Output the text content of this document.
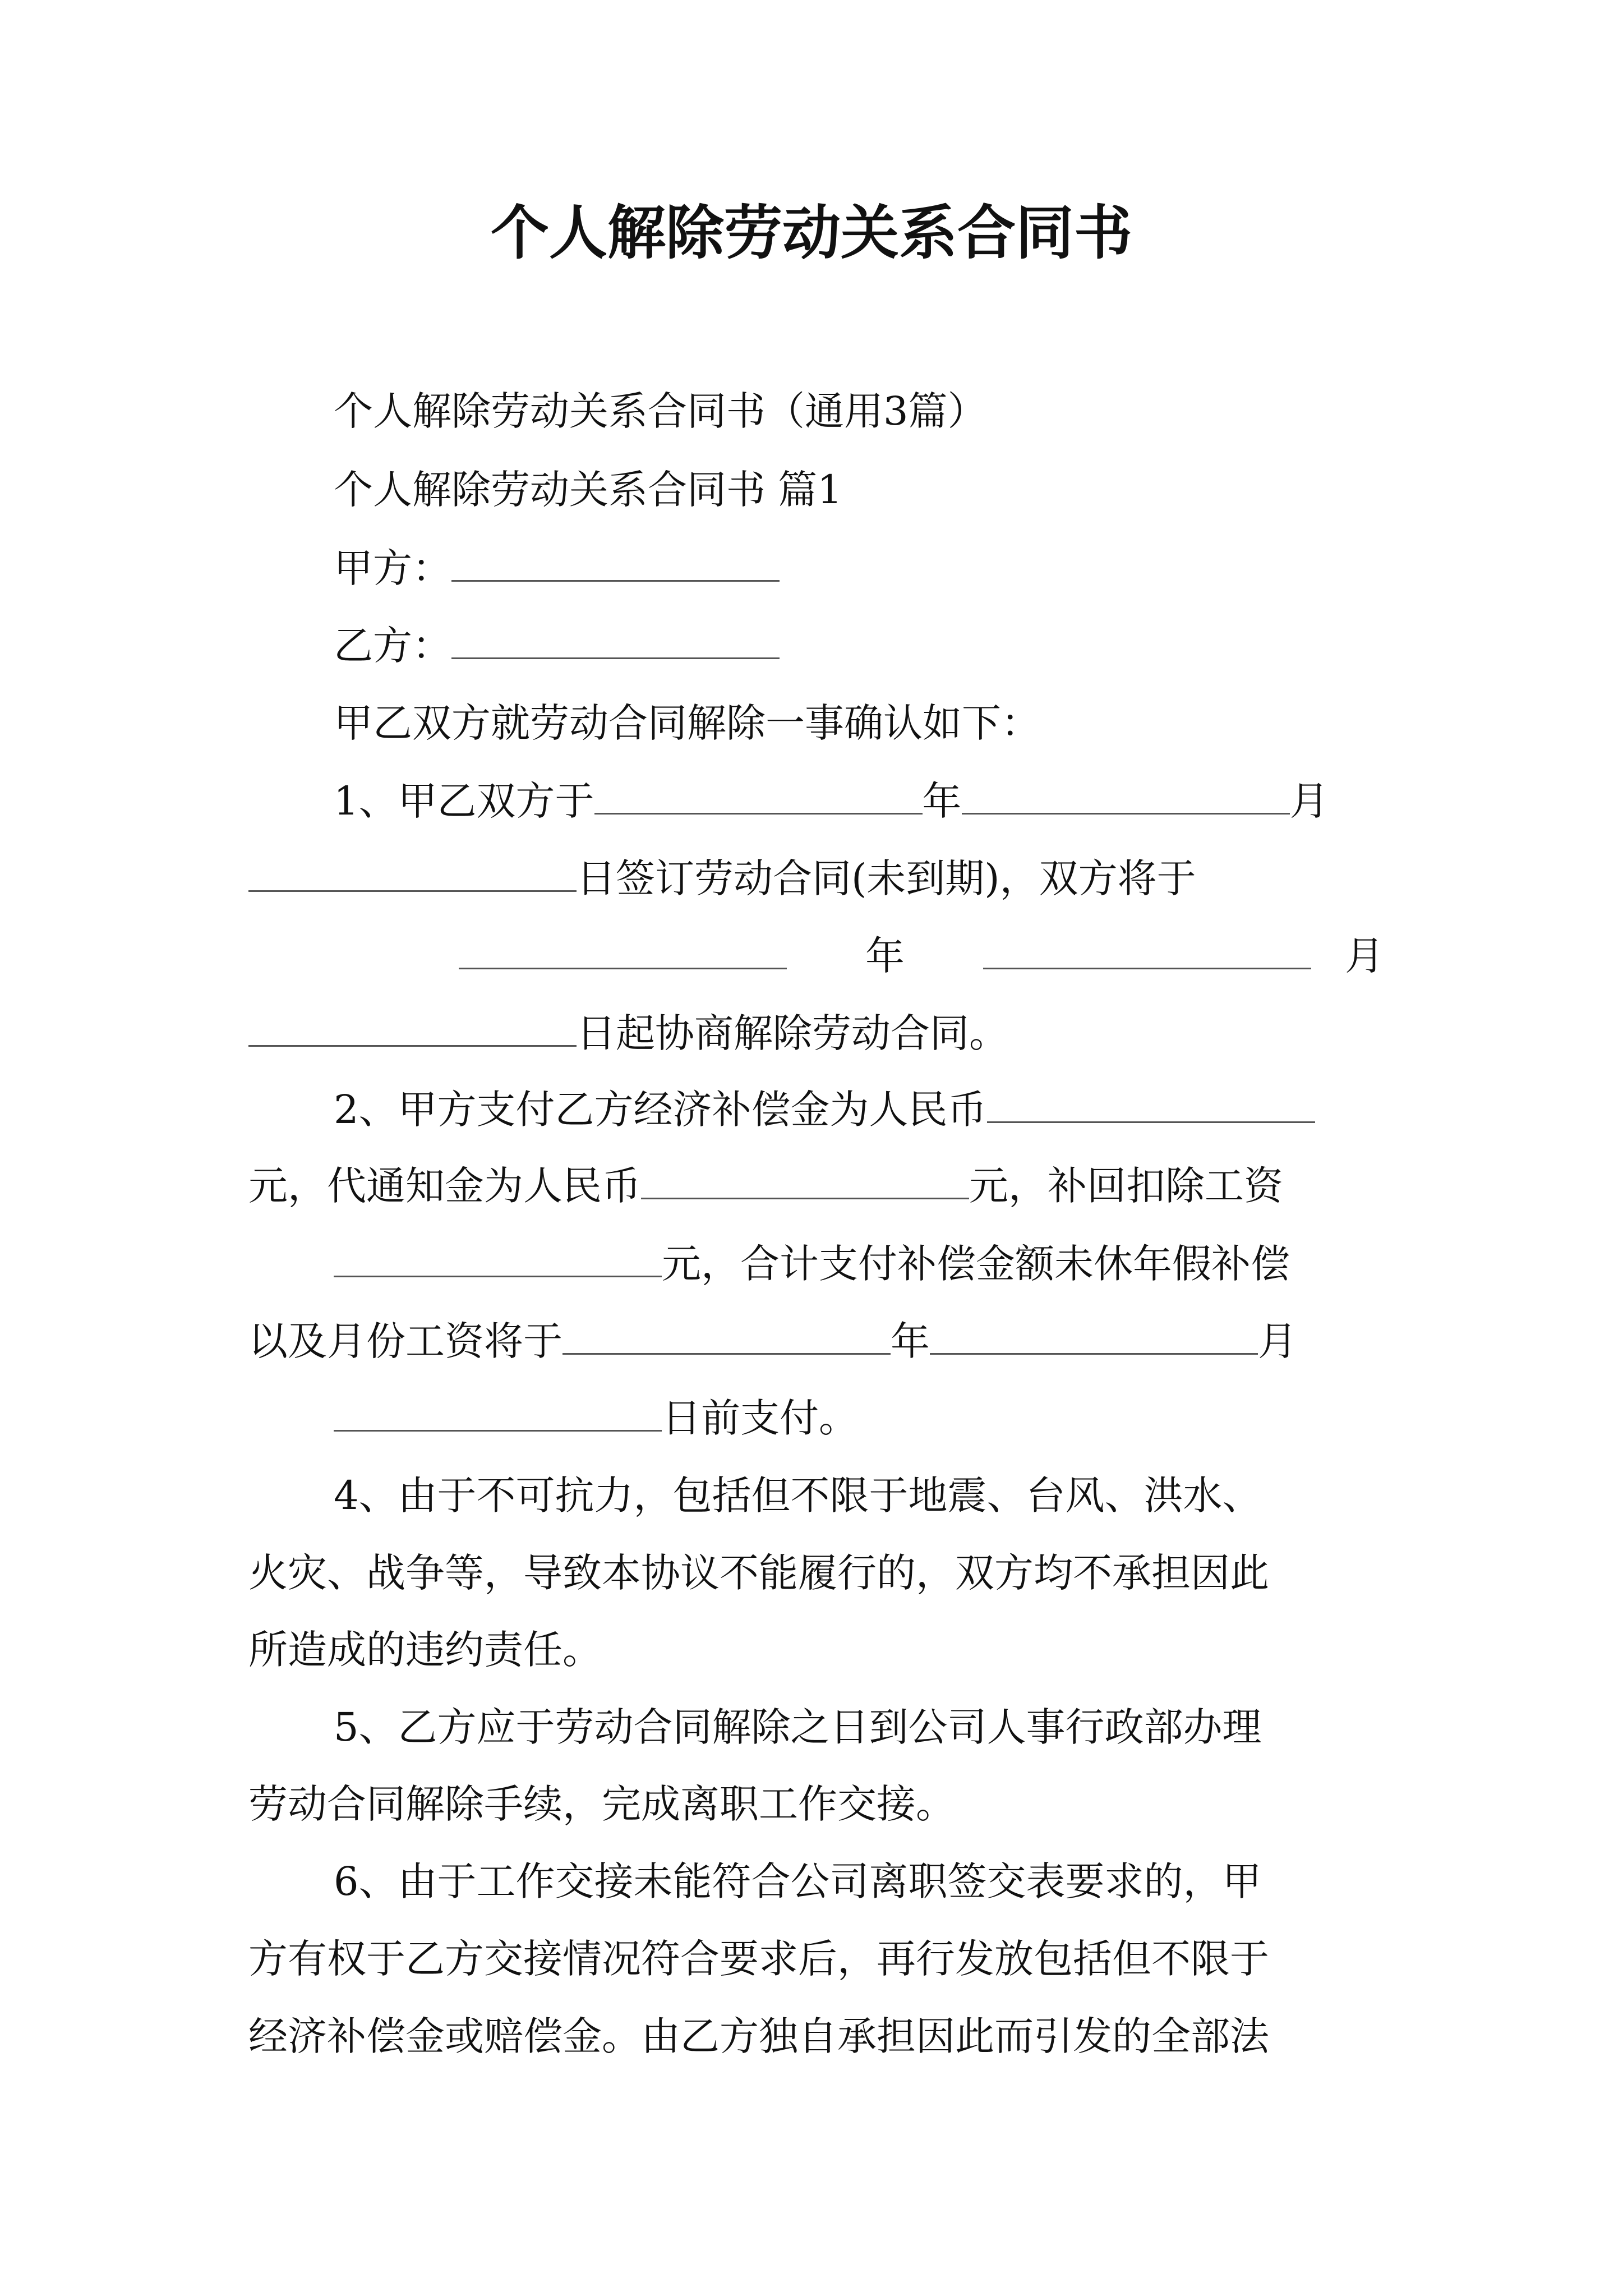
个人解除劳动关系合同书
个人解除劳动关系合同书（通用3篇）
个人解除劳动关系合同书 篇1
甲方：
乙方：
甲乙双方就劳动合同解除一事确认如下：
1、甲乙双方于	年	月
日签订劳动合同(未到期)，双方将于
年	月
日起协商解除劳动合同。
2、甲方支付乙方经济补偿金为人民币
元，代通知金为人民币	元，补回扣除工资
元，合计支付补偿金额未休年假补偿
以及月份工资将于	年	月
日前支付。
4、由于不可抗力，包括但不限于地震、台风、洪水、
火灾、战争等，导致本协议不能履行的，双方均不承担因此
所造成的违约责任。
5、乙方应于劳动合同解除之日到公司人事行政部办理
劳动合同解除手续，完成离职工作交接。
6、由于工作交接未能符合公司离职签交表要求的，甲
方有权于乙方交接情况符合要求后，再行发放包括但不限于
经济补偿金或赔偿金。由乙方独自承担因此而引发的全部法
